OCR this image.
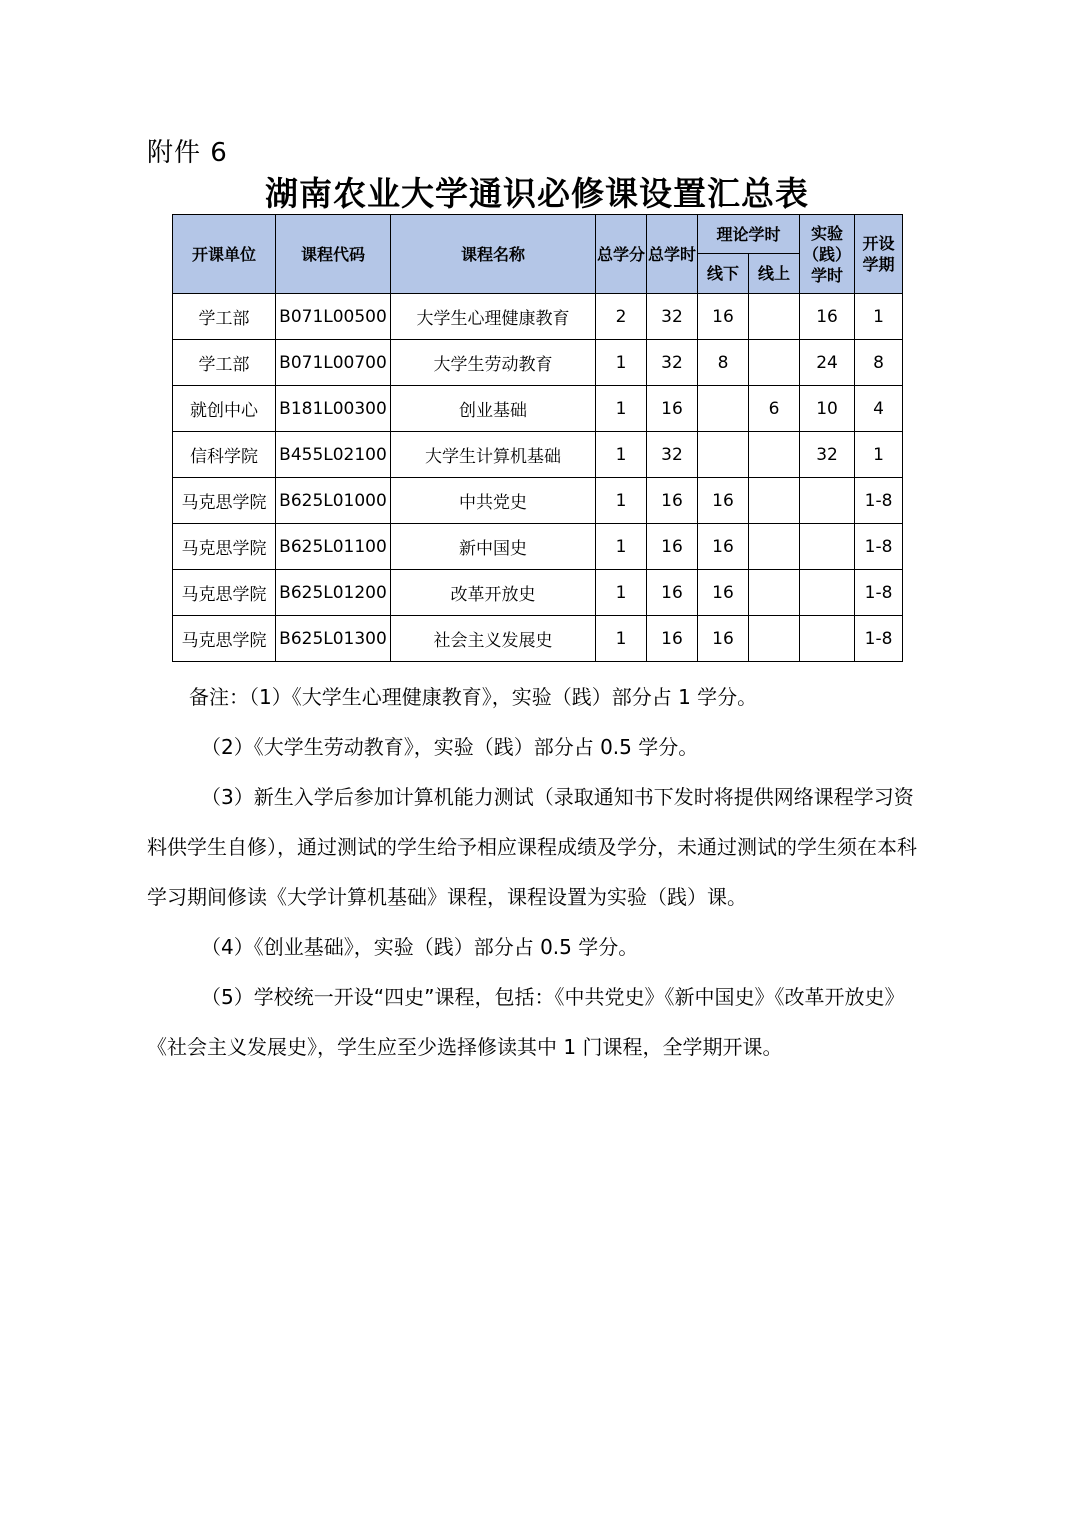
附件 6
湖南农业大学通识必修课设置汇总表
开课单位	课程代码	课程名称	总学分	总学时	理论学时		实验（践）学时	开设学期
					线下	线上		
学工部	B071L00500	大学生心理健康教育	2	32	16		16	1
学工部	B071L00700	大学生劳动教育	1	32	8		24	8
就创中心	B181L00300	创业基础	1	16		6	10	4
信科学院	B455L02100	大学生计算机基础	1	32			32	1
马克思学院	B625L01000	中共党史	1	16	16			1-8
马克思学院	B625L01100	新中国史	1	16	16			1-8
马克思学院	B625L01200	改革开放史	1	16	16			1-8
马克思学院	B625L01300	社会主义发展史	1	16	16			1-8

备注：（1）《大学生心理健康教育》，实验（践）部分占 1 学分。

（2）《大学生劳动教育》，实验（践）部分占 0.5 学分。

（3）新生入学后参加计算机能力测试（录取通知书下发时将提供网络课程学习资料供学生自修），通过测试的学生给予相应课程成绩及学分，未通过测试的学生须在本科学习期间修读《大学计算机基础》课程，课程设置为实验（践）课。

（4）《创业基础》，实验（践）部分占 0.5 学分。

（5）学校统一开设“四史”课程，包括：《中共党史》《新中国史》《改革开放史》《社会主义发展史》，学生应至少选择修读其中 1 门课程，全学期开课。
